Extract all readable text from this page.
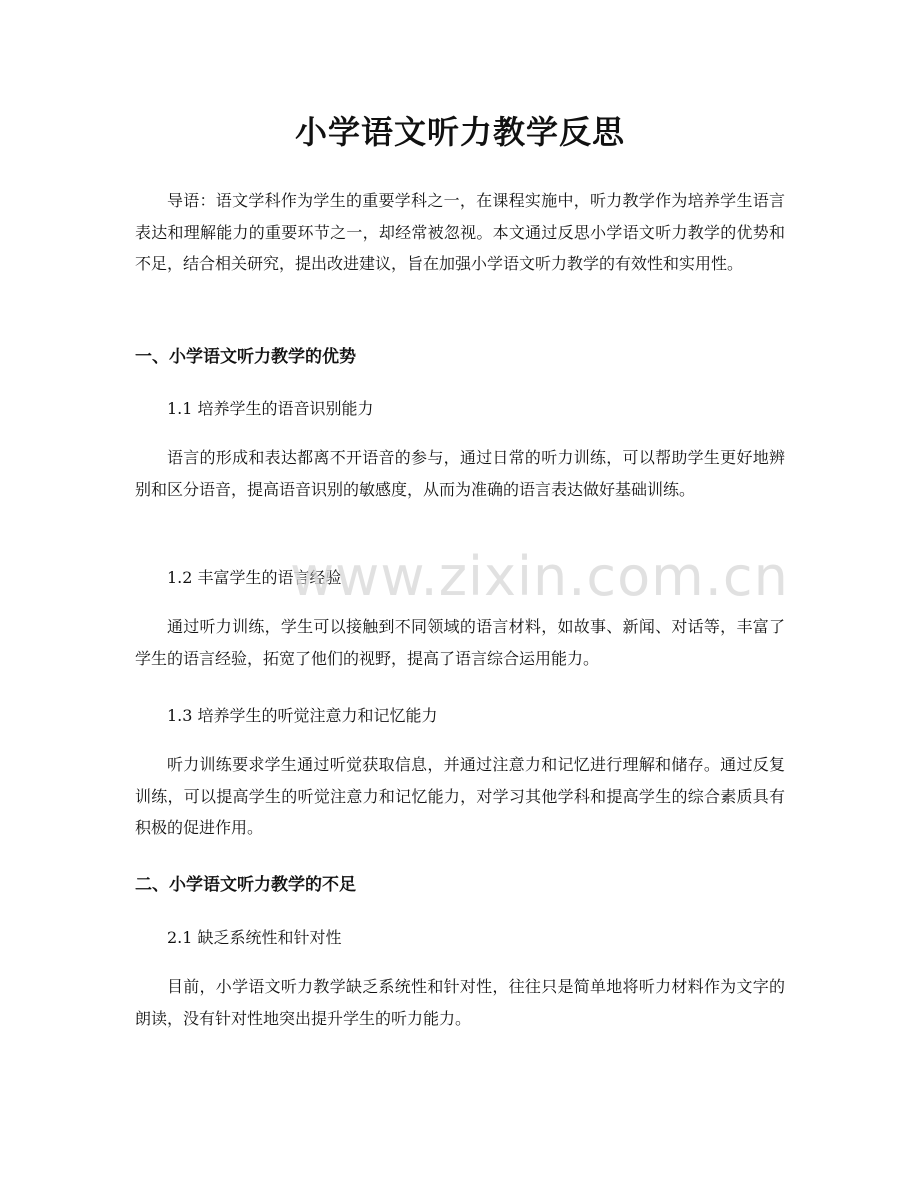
小学语文听力教学反思

导语：语文学科作为学生的重要学科之一，在课程实施中，听力教学作为培养学生语言表达和理解能力的重要环节之一，却经常被忽视。本文通过反思小学语文听力教学的优势和不足，结合相关研究，提出改进建议，旨在加强小学语文听力教学的有效性和实用性。

一、小学语文听力教学的优势
1.1 培养学生的语音识别能力

语言的形成和表达都离不开语音的参与，通过日常的听力训练，可以帮助学生更好地辨别和区分语音，提高语音识别的敏感度，从而为准确的语言表达做好基础训练。

1.2 丰富学生的语言经验

通过听力训练，学生可以接触到不同领域的语言材料，如故事、新闻、对话等，丰富了学生的语言经验，拓宽了他们的视野，提高了语言综合运用能力。

1.3 培养学生的听觉注意力和记忆能力

听力训练要求学生通过听觉获取信息，并通过注意力和记忆进行理解和储存。通过反复训练，可以提高学生的听觉注意力和记忆能力，对学习其他学科和提高学生的综合素质具有积极的促进作用。

二、小学语文听力教学的不足
2.1 缺乏系统性和针对性

目前，小学语文听力教学缺乏系统性和针对性，往往只是简单地将听力材料作为文字的朗读，没有针对性地突出提升学生的听力能力。

www.zixin.com.cn
